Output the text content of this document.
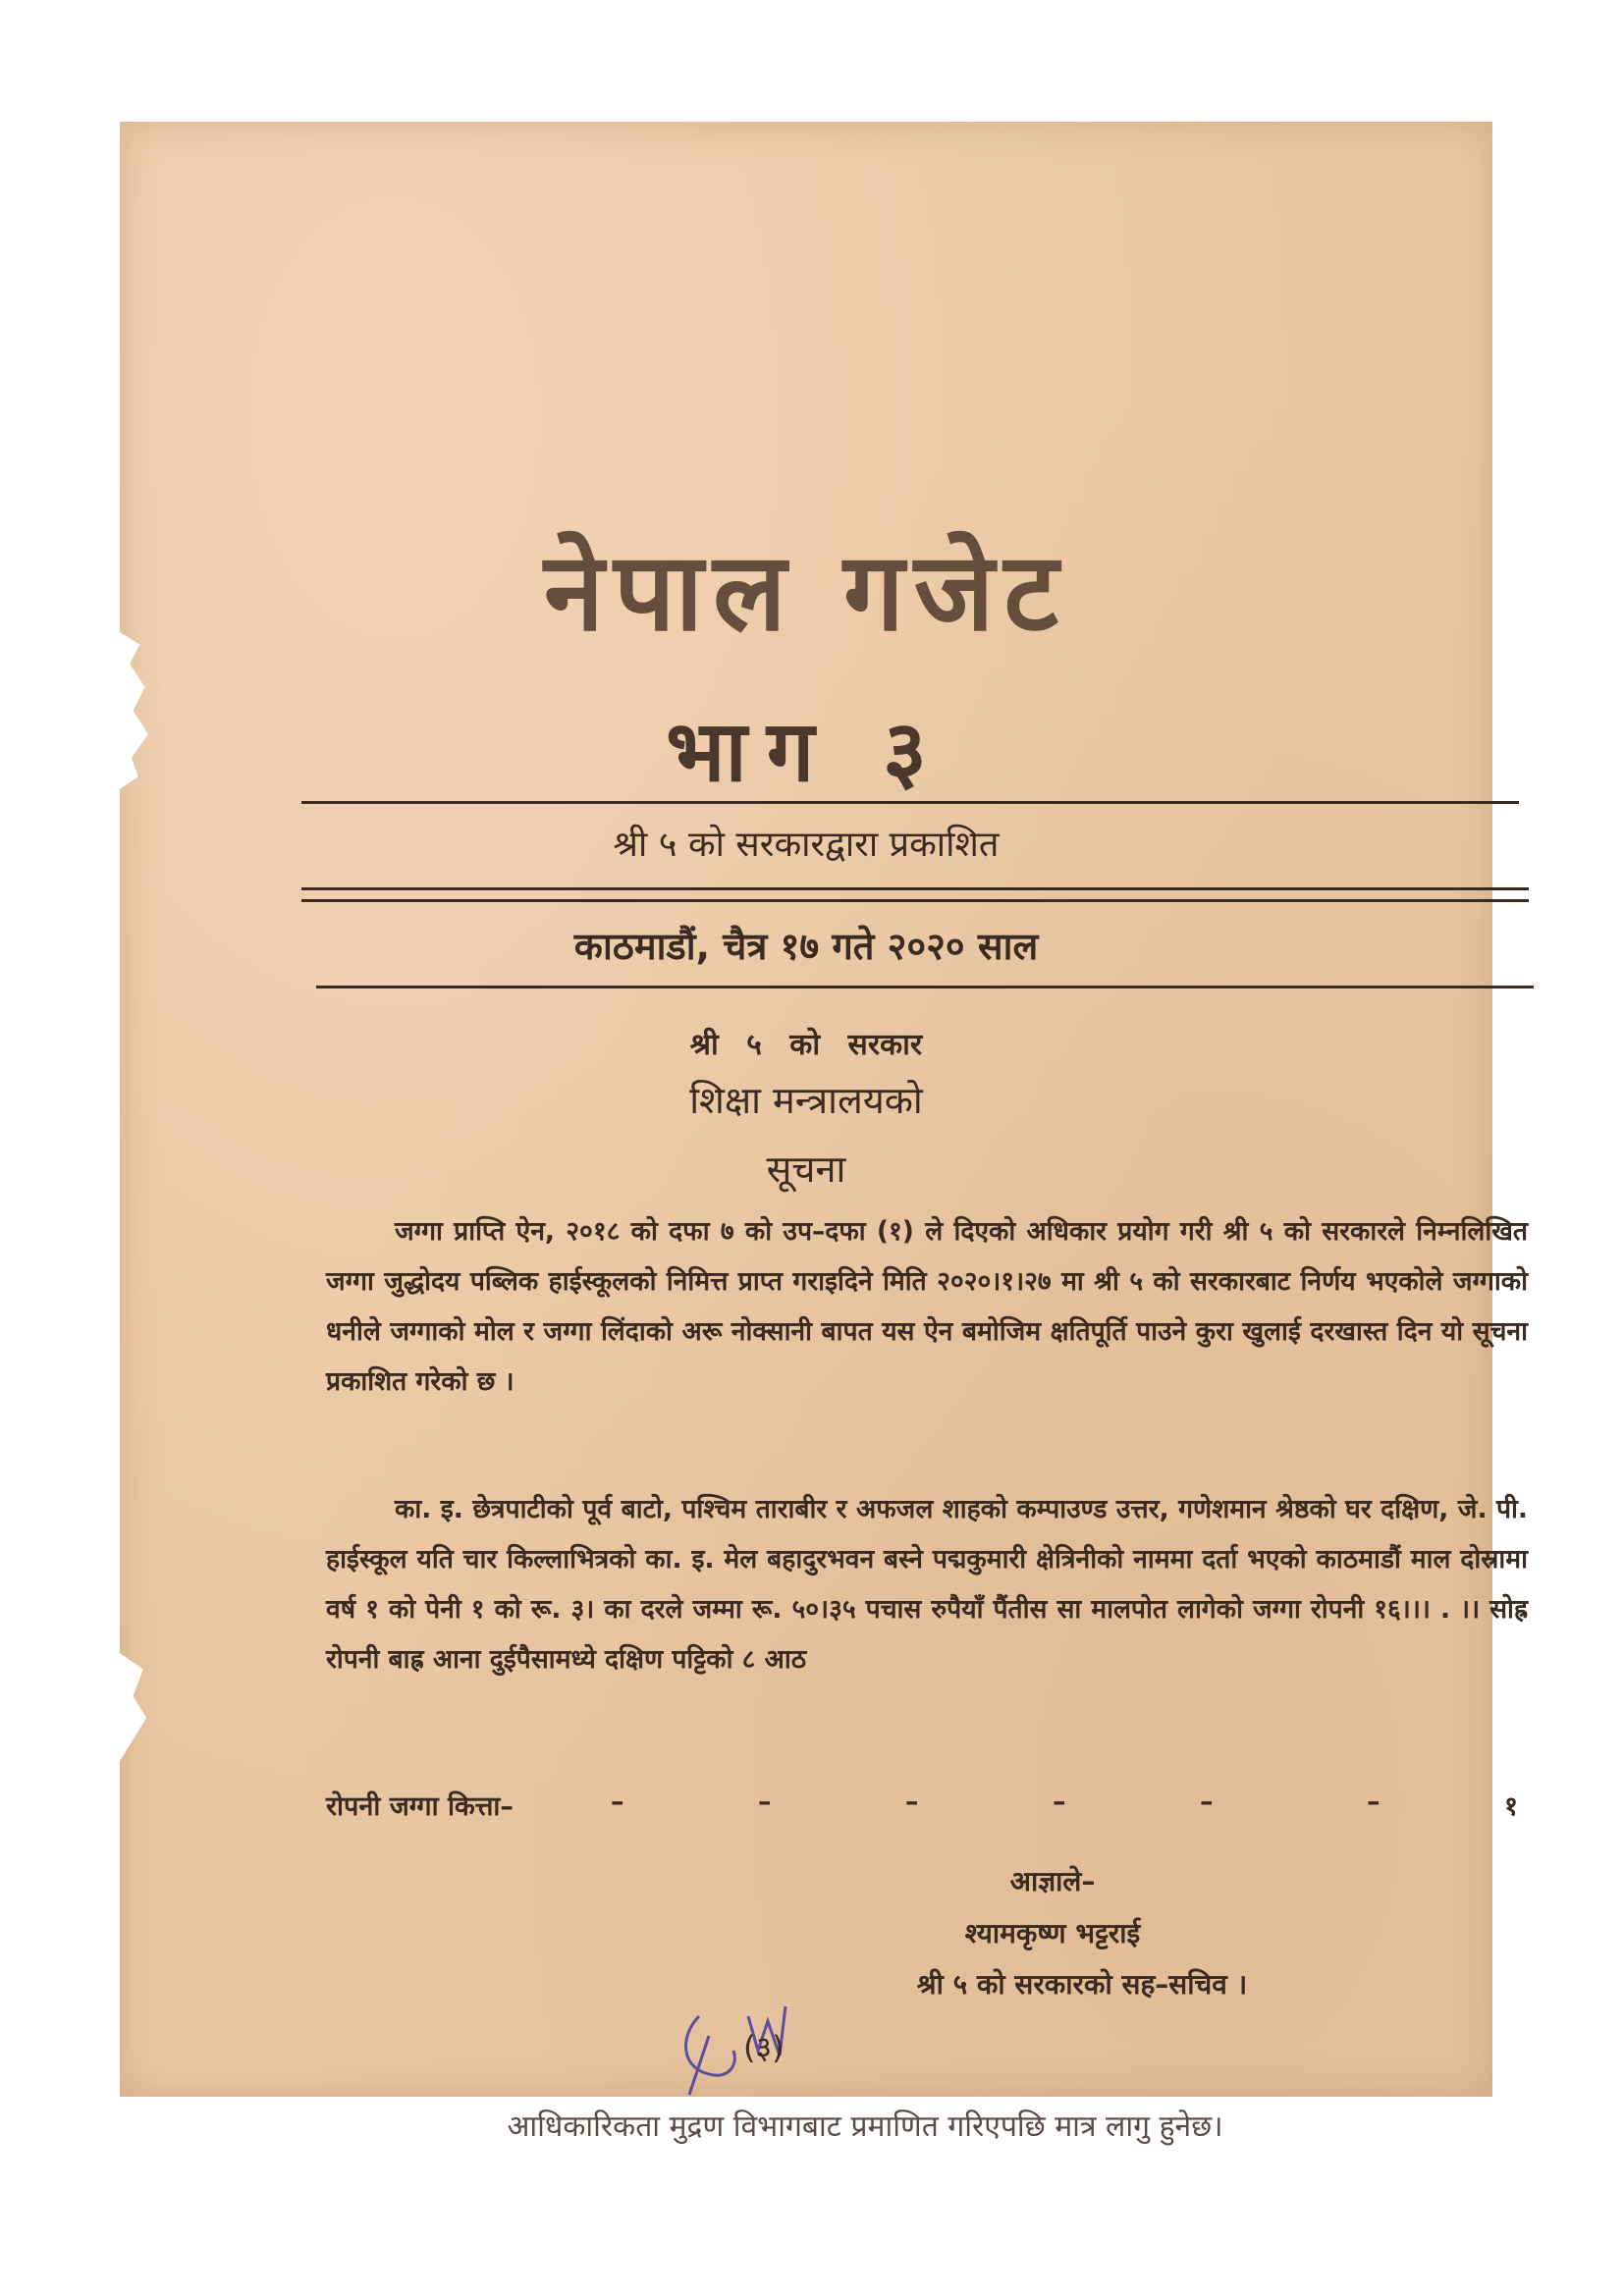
नेपाल गजेट
भाग ३
श्री ५ को सरकारद्वारा प्रकाशित
काठमाडौं, चैत्र १७ गते २०२० साल
श्री ५ को सरकार
शिक्षा मन्त्रालयको
सूचना
जग्गा प्राप्ति ऐन, २०१८ को दफा ७ को उप–दफा (१) ले दिएको अधिकार प्रयोग गरी श्री ५ को सरकारले निम्नलिखित जग्गा जुद्धोदय पब्लिक हाईस्कूलको निमित्त प्राप्त गराइदिने मिति २०२०।१।२७ मा श्री ५ को सरकारबाट निर्णय भएकोले जग्गाको धनीले जग्गाको मोल र जग्गा लिंदाको अरू नोक्सानी बापत यस ऐन बमोजिम क्षतिपूर्ति पाउने कुरा खुलाई दरखास्त दिन यो सूचना प्रकाशित गरेको छ ।
का. इ. छेत्रपाटीको पूर्व बाटो, पश्चिम ताराबीर र अफजल शाहको कम्पाउण्ड उत्तर, गणेशमान श्रेष्ठको घर दक्षिण, जे. पी. हाईस्कूल यति चार किल्लाभित्रको का. इ. मेल बहादुरभवन बस्ने पद्मकुमारी क्षेत्रिनीको नाममा दर्ता भएको काठमाडौं माल दोस्रामा वर्ष १ को पेनी १ को रू. ३। का दरले जम्मा रू. ५०।३५ पचास रुपैयाँ पैंतीस सा मालपोत लागेको जग्गा रोपनी १६।।। . ।। सोह्र रोपनी बाह्र आना दुईपैसामध्ये दक्षिण पट्टिको ८ आठ
रोपनी जग्गा कित्ता–	–	–	–	–	–	–	१
आज्ञाले–
श्यामकृष्ण भट्टराई
श्री ५ को सरकारको सह–सचिव ।
(३)
आधिकारिकता मुद्रण विभागबाट प्रमाणित गरिएपछि मात्र लागु हुनेछ।
